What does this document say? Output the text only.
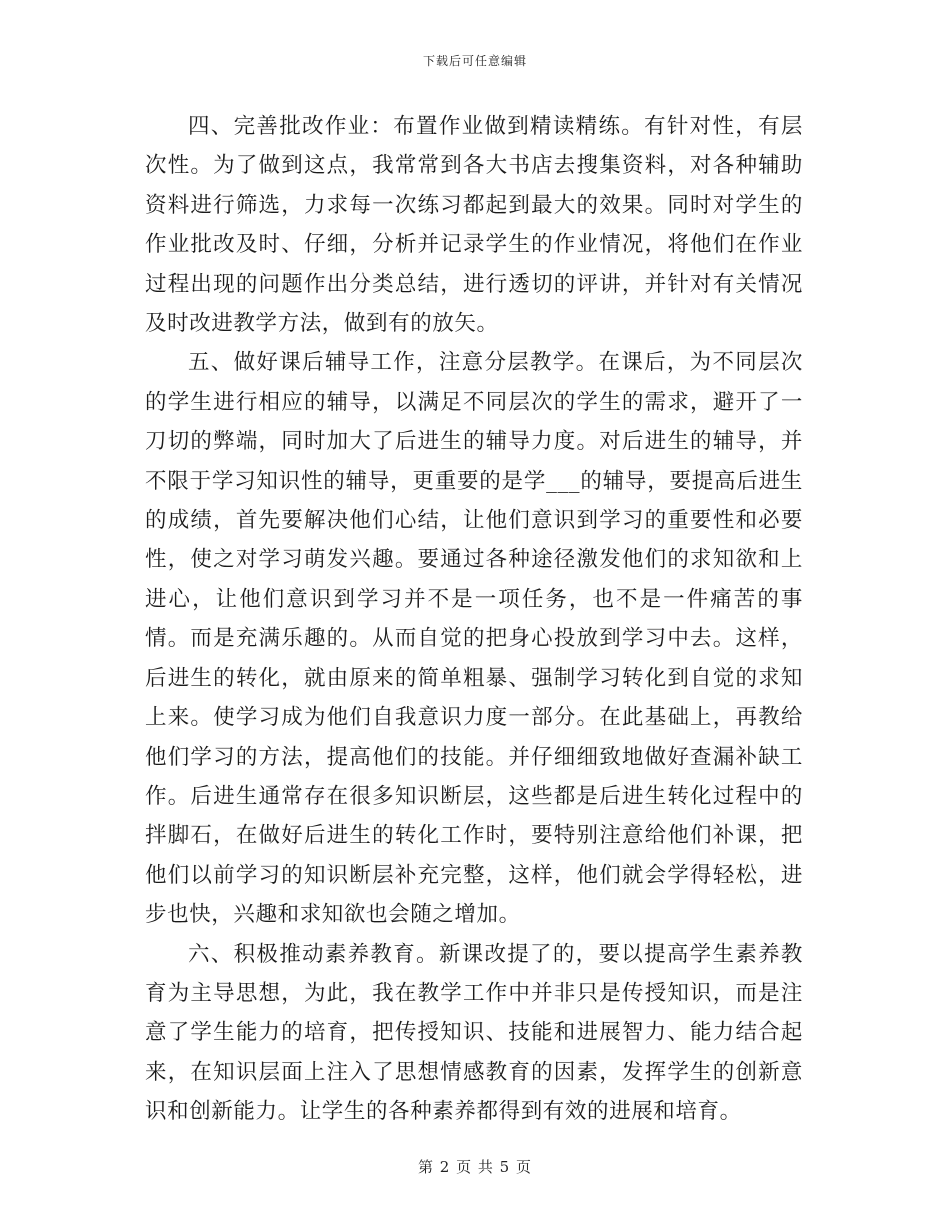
下载后可任意编辑

四、完善批改作业：布置作业做到精读精练。有针对性，有层次性。为了做到这点，我常常到各大书店去搜集资料，对各种辅助资料进行筛选，力求每一次练习都起到最大的效果。同时对学生的作业批改及时、仔细，分析并记录学生的作业情况，将他们在作业过程出现的问题作出分类总结，进行透切的评讲，并针对有关情况及时改进教学方法，做到有的放矢。

五、做好课后辅导工作，注意分层教学。在课后，为不同层次的学生进行相应的辅导，以满足不同层次的学生的需求，避开了一刀切的弊端，同时加大了后进生的辅导力度。对后进生的辅导，并不限于学习知识性的辅导，更重要的是学___的辅导，要提高后进生的成绩，首先要解决他们心结，让他们意识到学习的重要性和必要性，使之对学习萌发兴趣。要通过各种途径激发他们的求知欲和上进心，让他们意识到学习并不是一项任务，也不是一件痛苦的事情。而是充满乐趣的。从而自觉的把身心投放到学习中去。这样，后进生的转化，就由原来的简单粗暴、强制学习转化到自觉的求知上来。使学习成为他们自我意识力度一部分。在此基础上，再教给他们学习的方法，提高他们的技能。并仔细细致地做好查漏补缺工作。后进生通常存在很多知识断层，这些都是后进生转化过程中的拌脚石，在做好后进生的转化工作时，要特别注意给他们补课，把他们以前学习的知识断层补充完整，这样，他们就会学得轻松，进步也快，兴趣和求知欲也会随之增加。

六、积极推动素养教育。新课改提了的，要以提高学生素养教育为主导思想，为此，我在教学工作中并非只是传授知识，而是注意了学生能力的培育，把传授知识、技能和进展智力、能力结合起来，在知识层面上注入了思想情感教育的因素，发挥学生的创新意识和创新能力。让学生的各种素养都得到有效的进展和培育。

第 2 页 共 5 页
